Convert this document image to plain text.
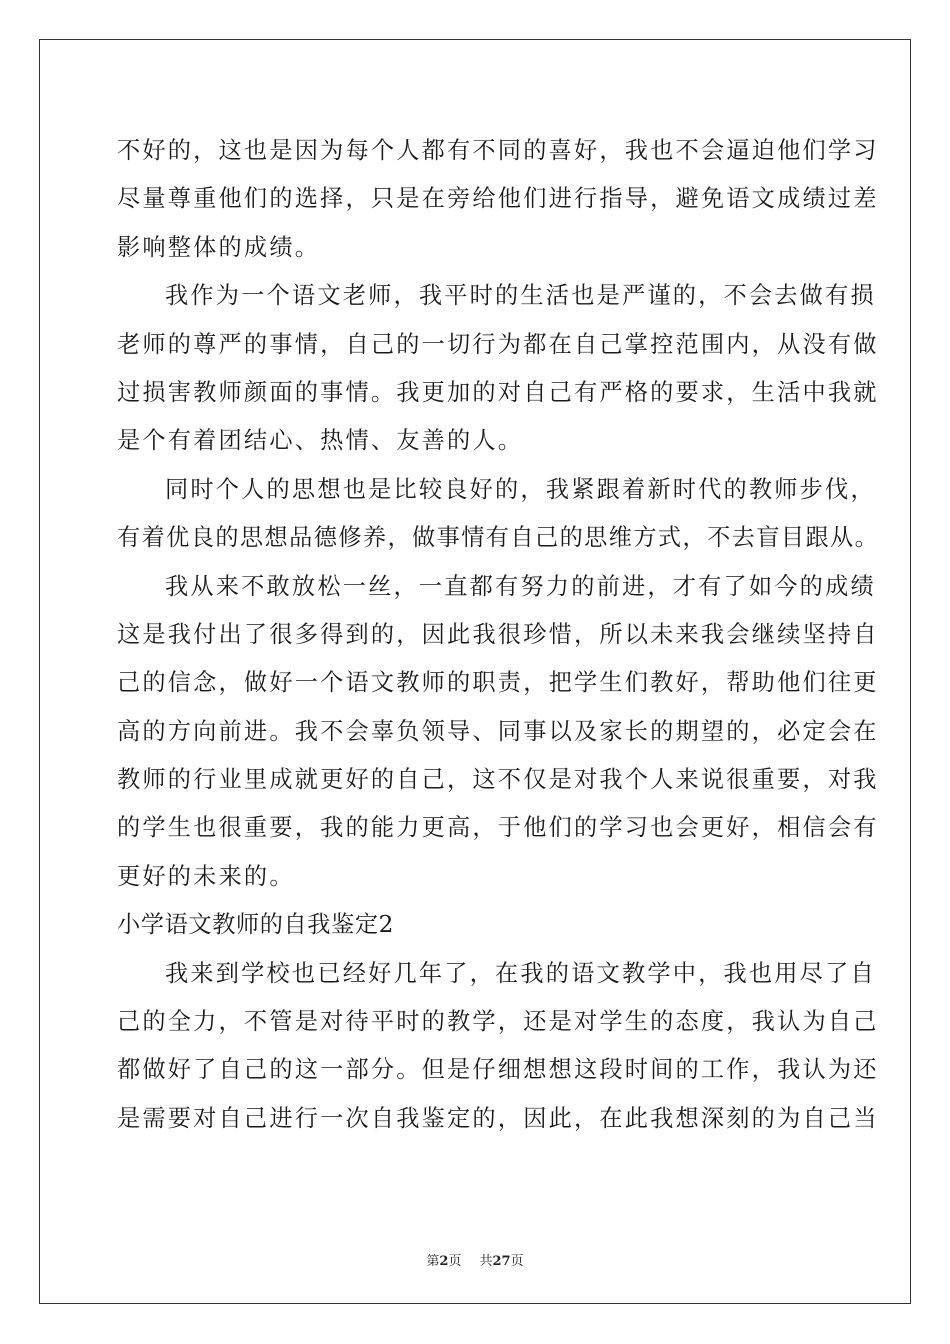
不好的，这也是因为每个人都有不同的喜好，我也不会逼迫他们学习
尽量尊重他们的选择，只是在旁给他们进行指导，避免语文成绩过差
影响整体的成绩。
我作为一个语文老师，我平时的生活也是严谨的，不会去做有损
老师的尊严的事情，自己的一切行为都在自己掌控范围内，从没有做
过损害教师颜面的事情。我更加的对自己有严格的要求，生活中我就
是个有着团结心、热情、友善的人。
同时个人的思想也是比较良好的，我紧跟着新时代的教师步伐，
有着优良的思想品德修养，做事情有自己的思维方式，不去盲目跟从。
我从来不敢放松一丝，一直都有努力的前进，才有了如今的成绩
这是我付出了很多得到的，因此我很珍惜，所以未来我会继续坚持自
己的信念，做好一个语文教师的职责，把学生们教好，帮助他们往更
高的方向前进。我不会辜负领导、同事以及家长的期望的，必定会在
教师的行业里成就更好的自己，这不仅是对我个人来说很重要，对我
的学生也很重要，我的能力更高，于他们的学习也会更好，相信会有
更好的未来的。
小学语文教师的自我鉴定2
我来到学校也已经好几年了，在我的语文教学中，我也用尽了自
己的全力，不管是对待平时的教学，还是对学生的态度，我认为自己
都做好了自己的这一部分。但是仔细想想这段时间的工作，我认为还
是需要对自己进行一次自我鉴定的，因此，在此我想深刻的为自己当
第2页 共27页
